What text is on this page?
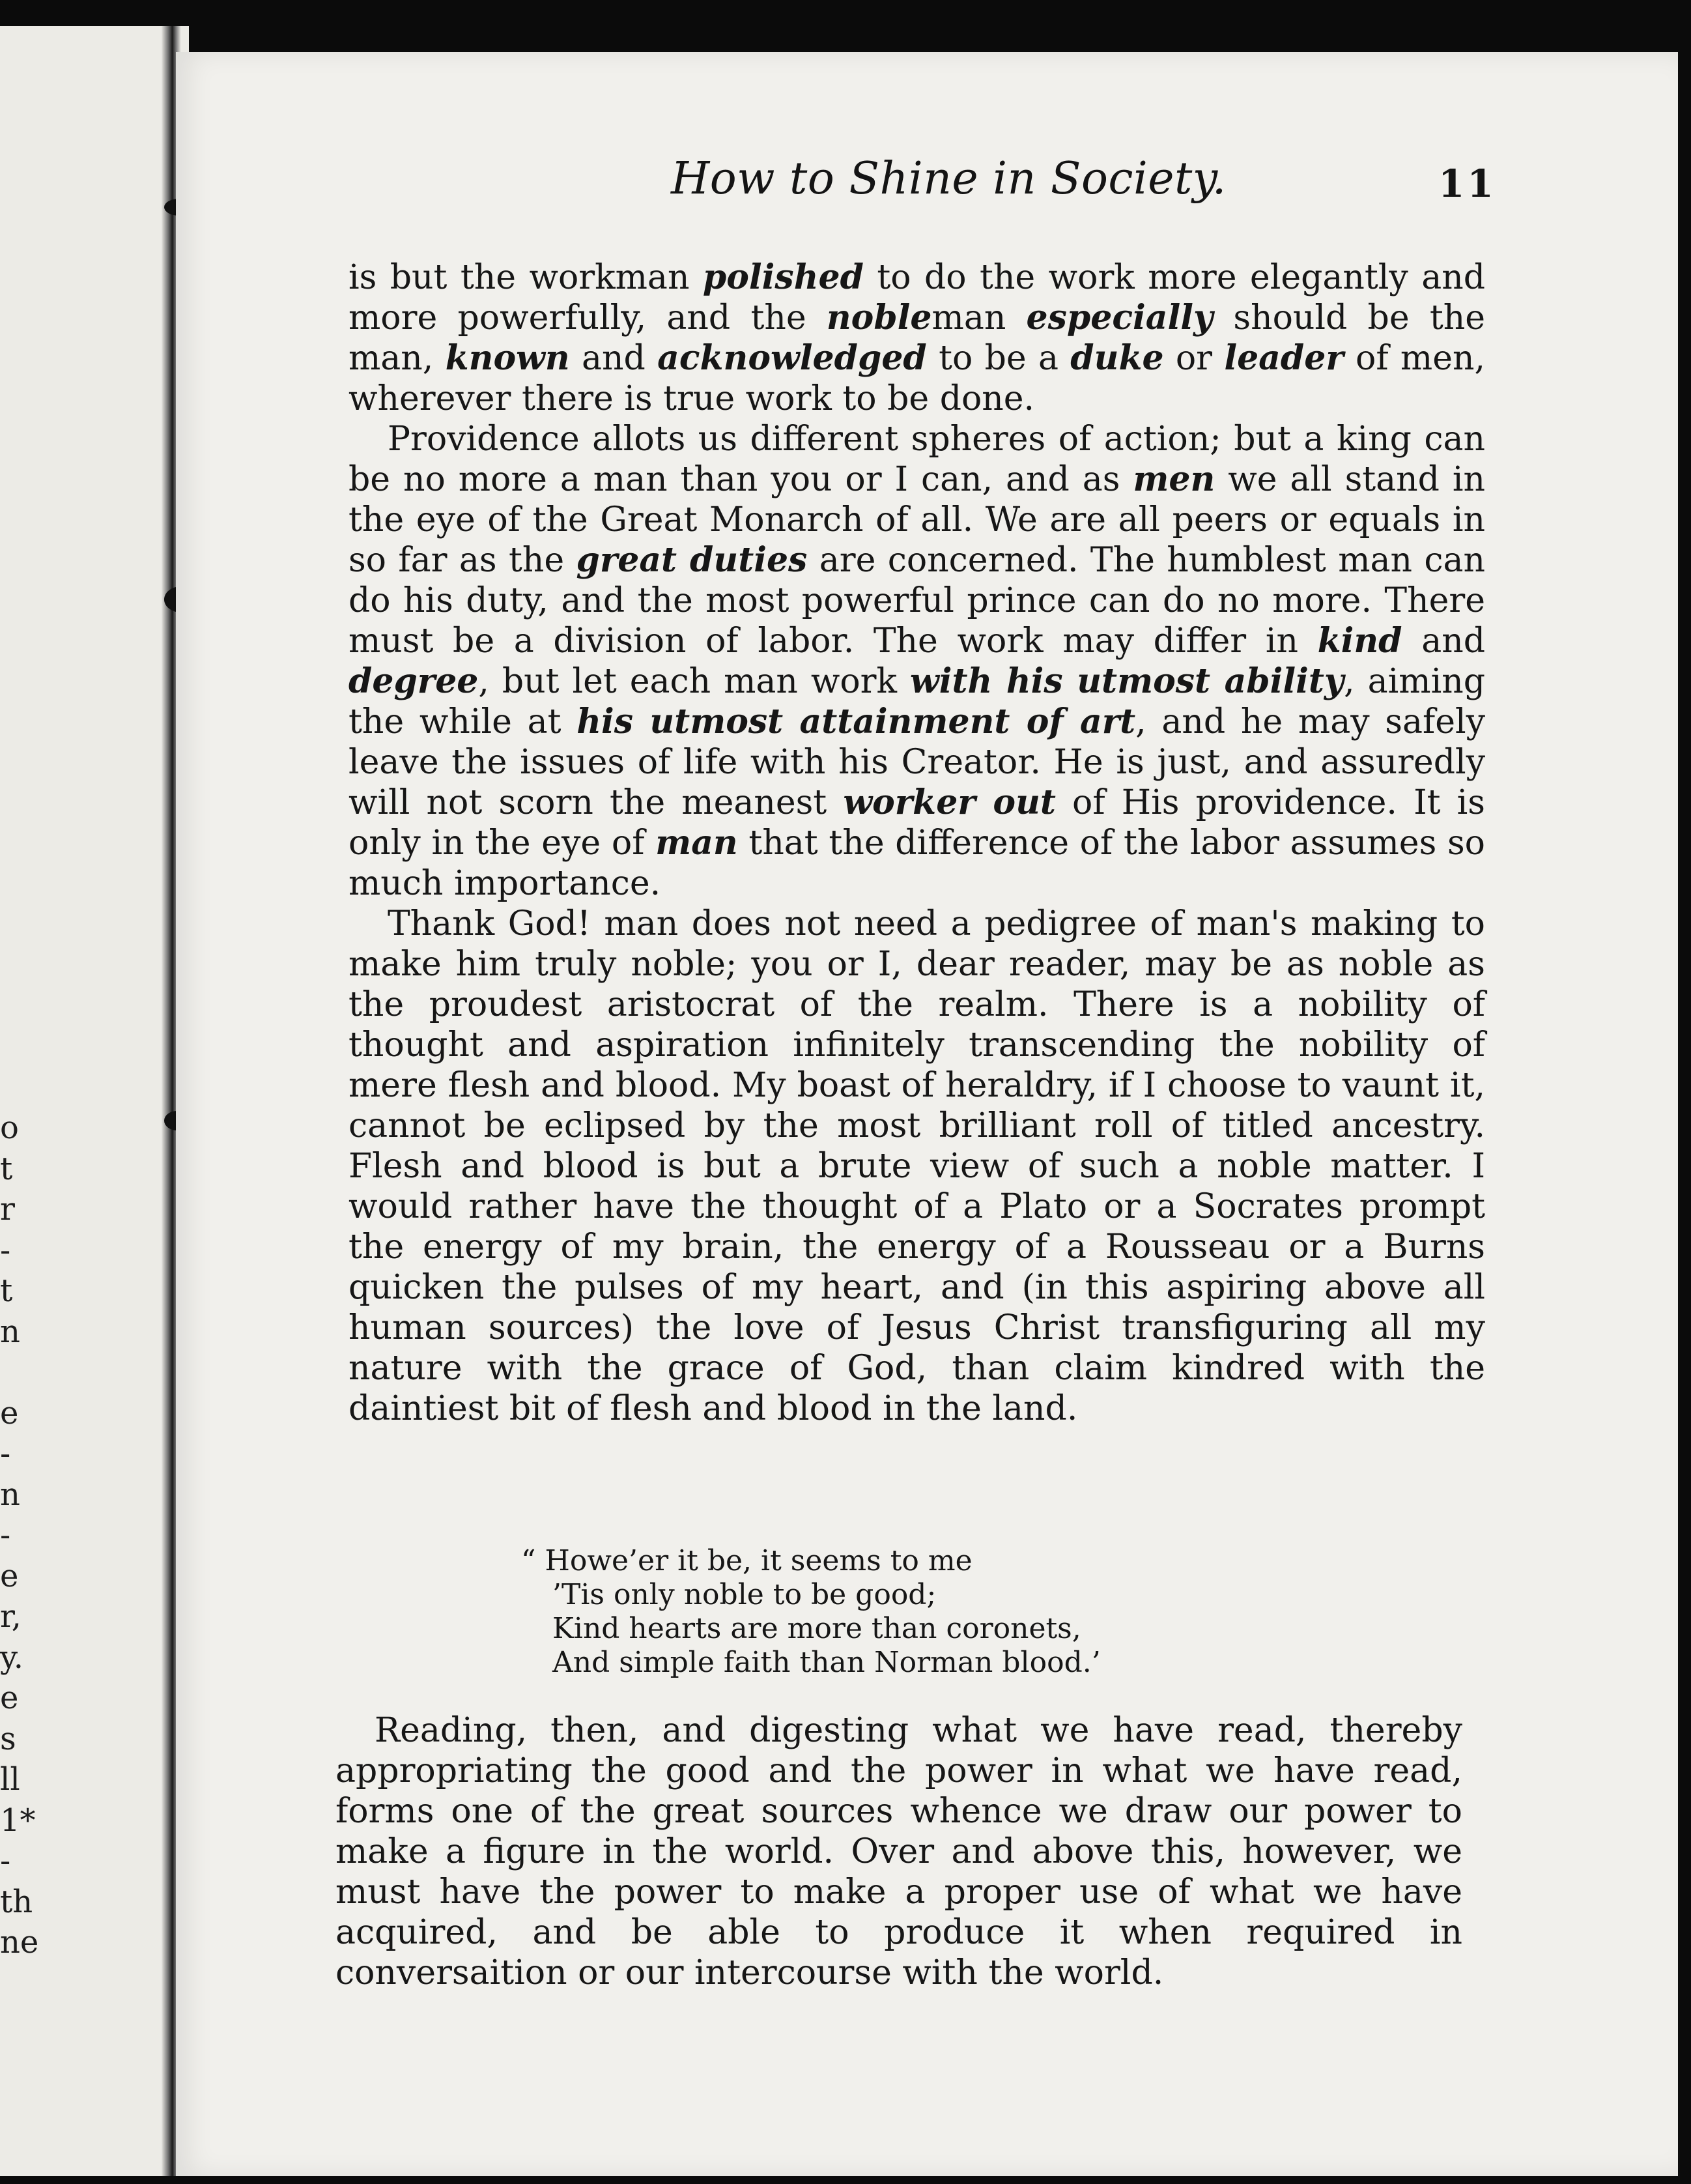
o
t
r
-
t
n
e
-
n
-
e
r,
y.
e
s
ll
1*
-
th
ne
How to Shine in Society.	11

is but the workman polished to do the work more elegantly and more powerfully, and the nobleman especially should be the man, known and acknowledged to be a duke or leader of men, wherever there is true work to be done.

Providence allots us different spheres of action; but a king can be no more a man than you or I can, and as men we all stand in the eye of the Great Monarch of all. We are all peers or equals in so far as the great duties are concerned. The humblest man can do his duty, and the most powerful prince can do no more. There must be a division of labor. The work may differ in kind and degree, but let each man work with his utmost ability, aiming the while at his utmost attainment of art, and he may safely leave the issues of life with his Creator. He is just, and assuredly will not scorn the meanest worker out of His providence. It is only in the eye of man that the difference of the labor assumes so much importance.

Thank God! man does not need a pedigree of man's making to make him truly noble; you or I, dear reader, may be as noble as the proudest aristocrat of the realm. There is a nobility of thought and aspiration infinitely transcending the nobility of mere flesh and blood. My boast of heraldry, if I choose to vaunt it, cannot be eclipsed by the most brilliant roll of titled ancestry. Flesh and blood is but a brute view of such a noble matter. I would rather have the thought of a Plato or a Socrates prompt the energy of my brain, the energy of a Rousseau or a Burns quicken the pulses of my heart, and (in this aspiring above all human sources) the love of Jesus Christ transfiguring all my nature with the grace of God, than claim kindred with the daintiest bit of flesh and blood in the land.

“ Howe’er it be, it seems to me
’Tis only noble to be good;
Kind hearts are more than coronets,
And simple faith than Norman blood.’

Reading, then, and digesting what we have read, thereby appropriating the good and the power in what we have read, forms one of the great sources whence we draw our power to make a figure in the world. Over and above this, however, we must have the power to make a proper use of what we have acquired, and be able to produce it when required in conversaition or our intercourse with the world.
